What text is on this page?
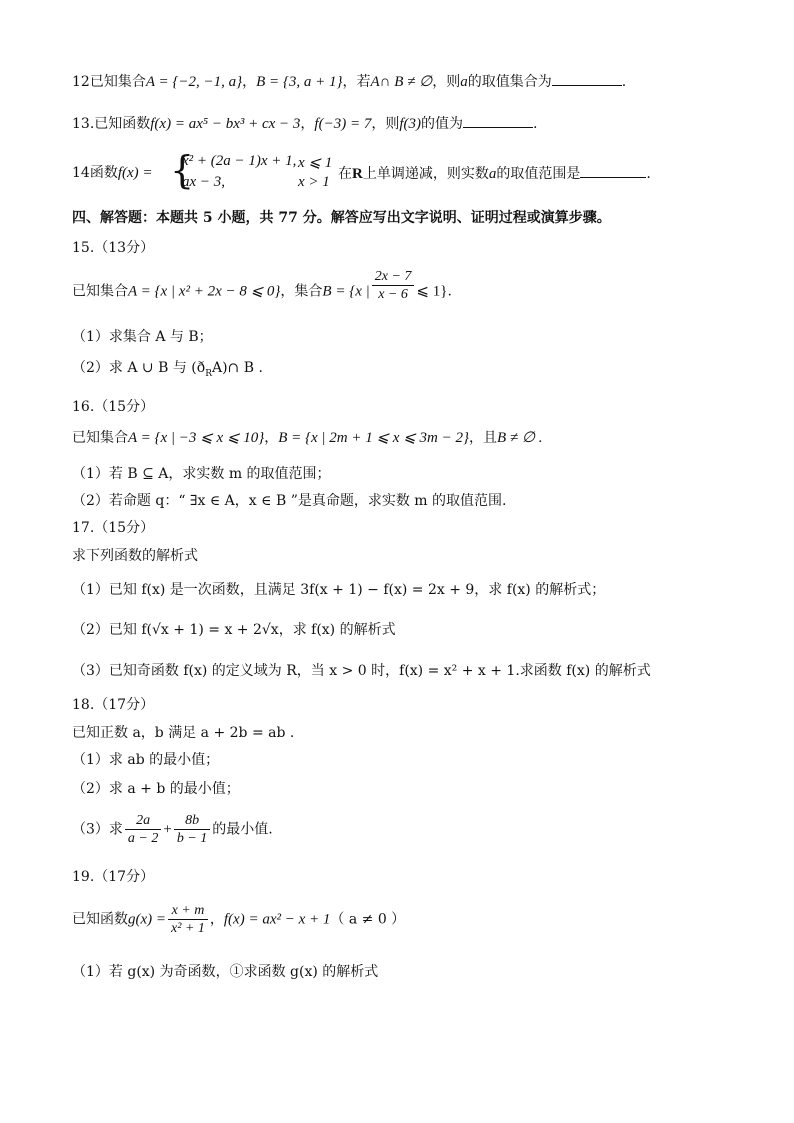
12已知集合A = {−2, −1, a}，B = {3, a + 1}，若A∩ B ≠ ∅，则a的取值集合为	.
13.已知函数f(x) = ax⁵ − bx³ + cx − 3，f(−3) = 7，则f(3)的值为	.
14函数f(x) = {
x² + (2a − 1)x + 1, x ⩽ 1
ax − 3,	x > 1 在R上单调递减，则实数a的取值范围是	.
四、解答题：本题共 5 小题，共 77 分。解答应写出文字说明、证明过程或演算步骤。
15.（13分）
已知集合A = {x | x² + 2x − 8 ⩽ 0}，集合B = {x | $\frac{2x - 7}{x - 6}$ ⩽ 1}.
（1）求集合 A 与 B；
（2）求 A ∪ B 与 $(ð_RA)\cap$ B .
16.（15分）
已知集合A = {x | −3 ⩽ x ⩽ 10}，B = {x | 2m + 1 ⩽ x ⩽ 3m − 2}，且B ≠ ∅ .
（1）若 B ⊆ A，求实数 m 的取值范围；
（2）若命题 q：“ ∃x ∈ A，x ∈ B ”是真命题，求实数 m 的取值范围.
17.（15分）
求下列函数的解析式
（1）已知 f(x) 是一次函数，且满足 3f(x + 1) − f(x) = 2x + 9，求 f(x) 的解析式；
（2）已知 f(√x + 1) = x + 2√x，求 f(x) 的解析式
（3）已知奇函数 f(x) 的定义域为 R，当 x > 0 时，f(x) = x² + x + 1.求函数 f(x) 的解析式
18.（17分）
已知正数 a，b 满足 a + 2b = ab .
（1）求 ab 的最小值；
（2）求 a + b 的最小值；
（3）求 $\frac{2a}{a - 2} + \frac{8b}{b - 1}$ 的最小值.
19.（17分）
已知函数$g(x) = \frac{x + m}{\text{x² + 1}}$ ，f(x) = ax² − x + 1（ a ≠ 0 ）
（1）若 g(x) 为奇函数，①求函数 g(x) 的解析式
